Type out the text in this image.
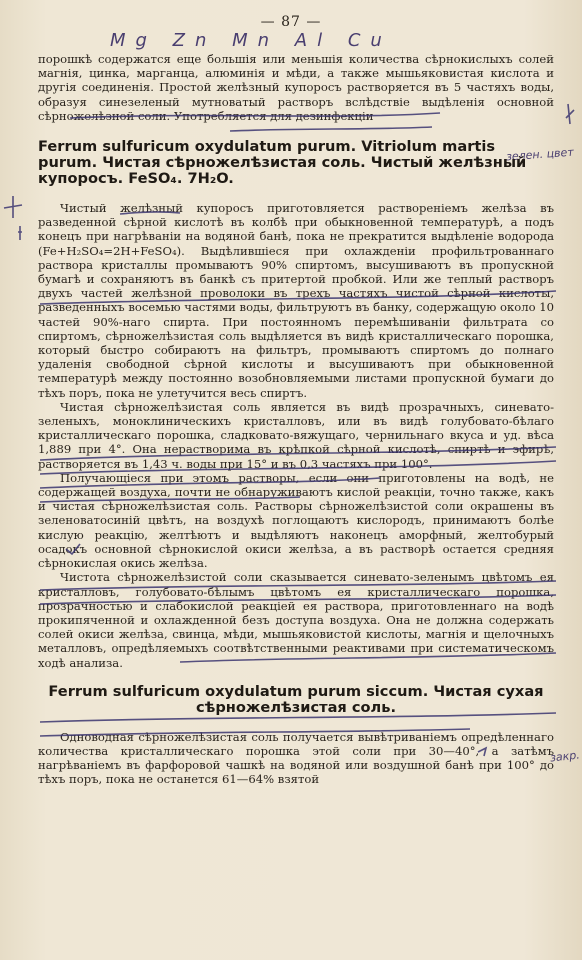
— 87 —
Mg Zn Mn Al Cu
зелен. цвет
закр.

порошкѣ содержатся еще большія или меньшія количества сѣрнокислыхъ солей магнія, цинка, марганца, алюминія и мѣди, а также мышьяковистая кислота и другія соединенія. Простой желѣзный купоросъ растворяется въ 5 частяхъ воды, образуя синезеленый мутноватый растворъ вслѣдствіе выдѣленія основной сѣрножелѣзной соли. Употребляется для дезинфекціи

Ferrum sulfuricum oxydulatum purum. Vitriolum martis purum. Чистая сѣрножелѣзистая соль. Чистый желѣзный купоросъ. FeSO₄. 7H₂O.

Чистый желѣзный купоросъ приготовляется раствореніемъ желѣза въ разведенной сѣрной кислотѣ въ колбѣ при обыкновенной температурѣ, а подъ конецъ при нагрѣваніи на водяной банѣ, пока не прекратится выдѣленіе водорода (Fe+H₂SO₄=2H+FeSO₄). Выдѣлившіеся при охлажденіи профильтрованнаго раствора кристаллы промываютъ 90% спиртомъ, высушиваютъ въ пропускной бумагѣ и сохраняютъ въ банкѣ съ притертой пробкой. Или же теплый растворъ двухъ частей желѣзной проволоки въ трехъ частяхъ чистой сѣрной кислоты, разведенныхъ восемью частями воды, фильтруютъ въ банку, содержащую около 10 частей 90%-наго спирта. При постоянномъ перемѣшиваніи фильтрата со спиртомъ, сѣрножелѣзистая соль выдѣляется въ видѣ кристаллическаго порошка, который быстро собираютъ на фильтръ, промываютъ спиртомъ до полнаго удаленія свободной сѣрной кислоты и высушиваютъ при обыкновенной температурѣ между постоянно возобновляемыми листами пропускной бумаги до тѣхъ поръ, пока не улетучится весь спиртъ.

Чистая сѣрножелѣзистая соль является въ видѣ прозрачныхъ, синевато-зеленыхъ, моноклиническихъ кристалловъ, или въ видѣ голубовато-бѣлаго кристаллическаго порошка, сладковато-вяжущаго, чернильнаго вкуса и уд. вѣса 1,889 при 4°. Она нерастворима въ крѣпкой сѣрной кислотѣ, спиртѣ и эфирѣ, растворяется въ 1,43 ч. воды при 15° и въ 0,3 частяхъ при 100°.

Получающіеся при этомъ растворы, если они приготовлены на водѣ, не содержащей воздуха, почти не обнаруживаютъ кислой реакціи, точно также, какъ и чистая сѣрножелѣзистая соль. Растворы сѣрножелѣзистой соли окрашены въ зеленоватосиній цвѣтъ, на воздухѣ поглощаютъ кислородъ, принимаютъ болѣе кислую реакцію, желтѣютъ и выдѣляютъ наконецъ аморфный, желтобурый осадокъ основной сѣрнокислой окиси желѣза, а въ растворѣ остается средняя сѣрнокислая окись желѣза.

Чистота сѣрножелѣзистой соли сказывается синевато-зеленымъ цвѣтомъ ея кристалловъ, голубовато-бѣлымъ цвѣтомъ ея кристаллическаго порошка, прозрачностью и слабокислой реакціей ея раствора, приготовленнаго на водѣ прокипяченной и охлажденной безъ доступа воздуха. Она не должна содержать солей окиси желѣза, свинца, мѣди, мышьяковистой кислоты, магнія и щелочныхъ металловъ, опредѣляемыхъ соотвѣтственными реактивами при систематическомъ ходѣ анализа.

Ferrum sulfuricum oxydulatum purum siccum. Чистая сухая сѣрножелѣзистая соль.

Одноводная сѣрножелѣзистая соль получается вывѣтриваніемъ опредѣленнаго количества кристаллическаго порошка этой соли при 30—40°, а затѣмъ нагрѣваніемъ въ фарфоровой чашкѣ на водяной или воздушной банѣ при 100° до тѣхъ поръ, пока не останется 61—64% взятой
